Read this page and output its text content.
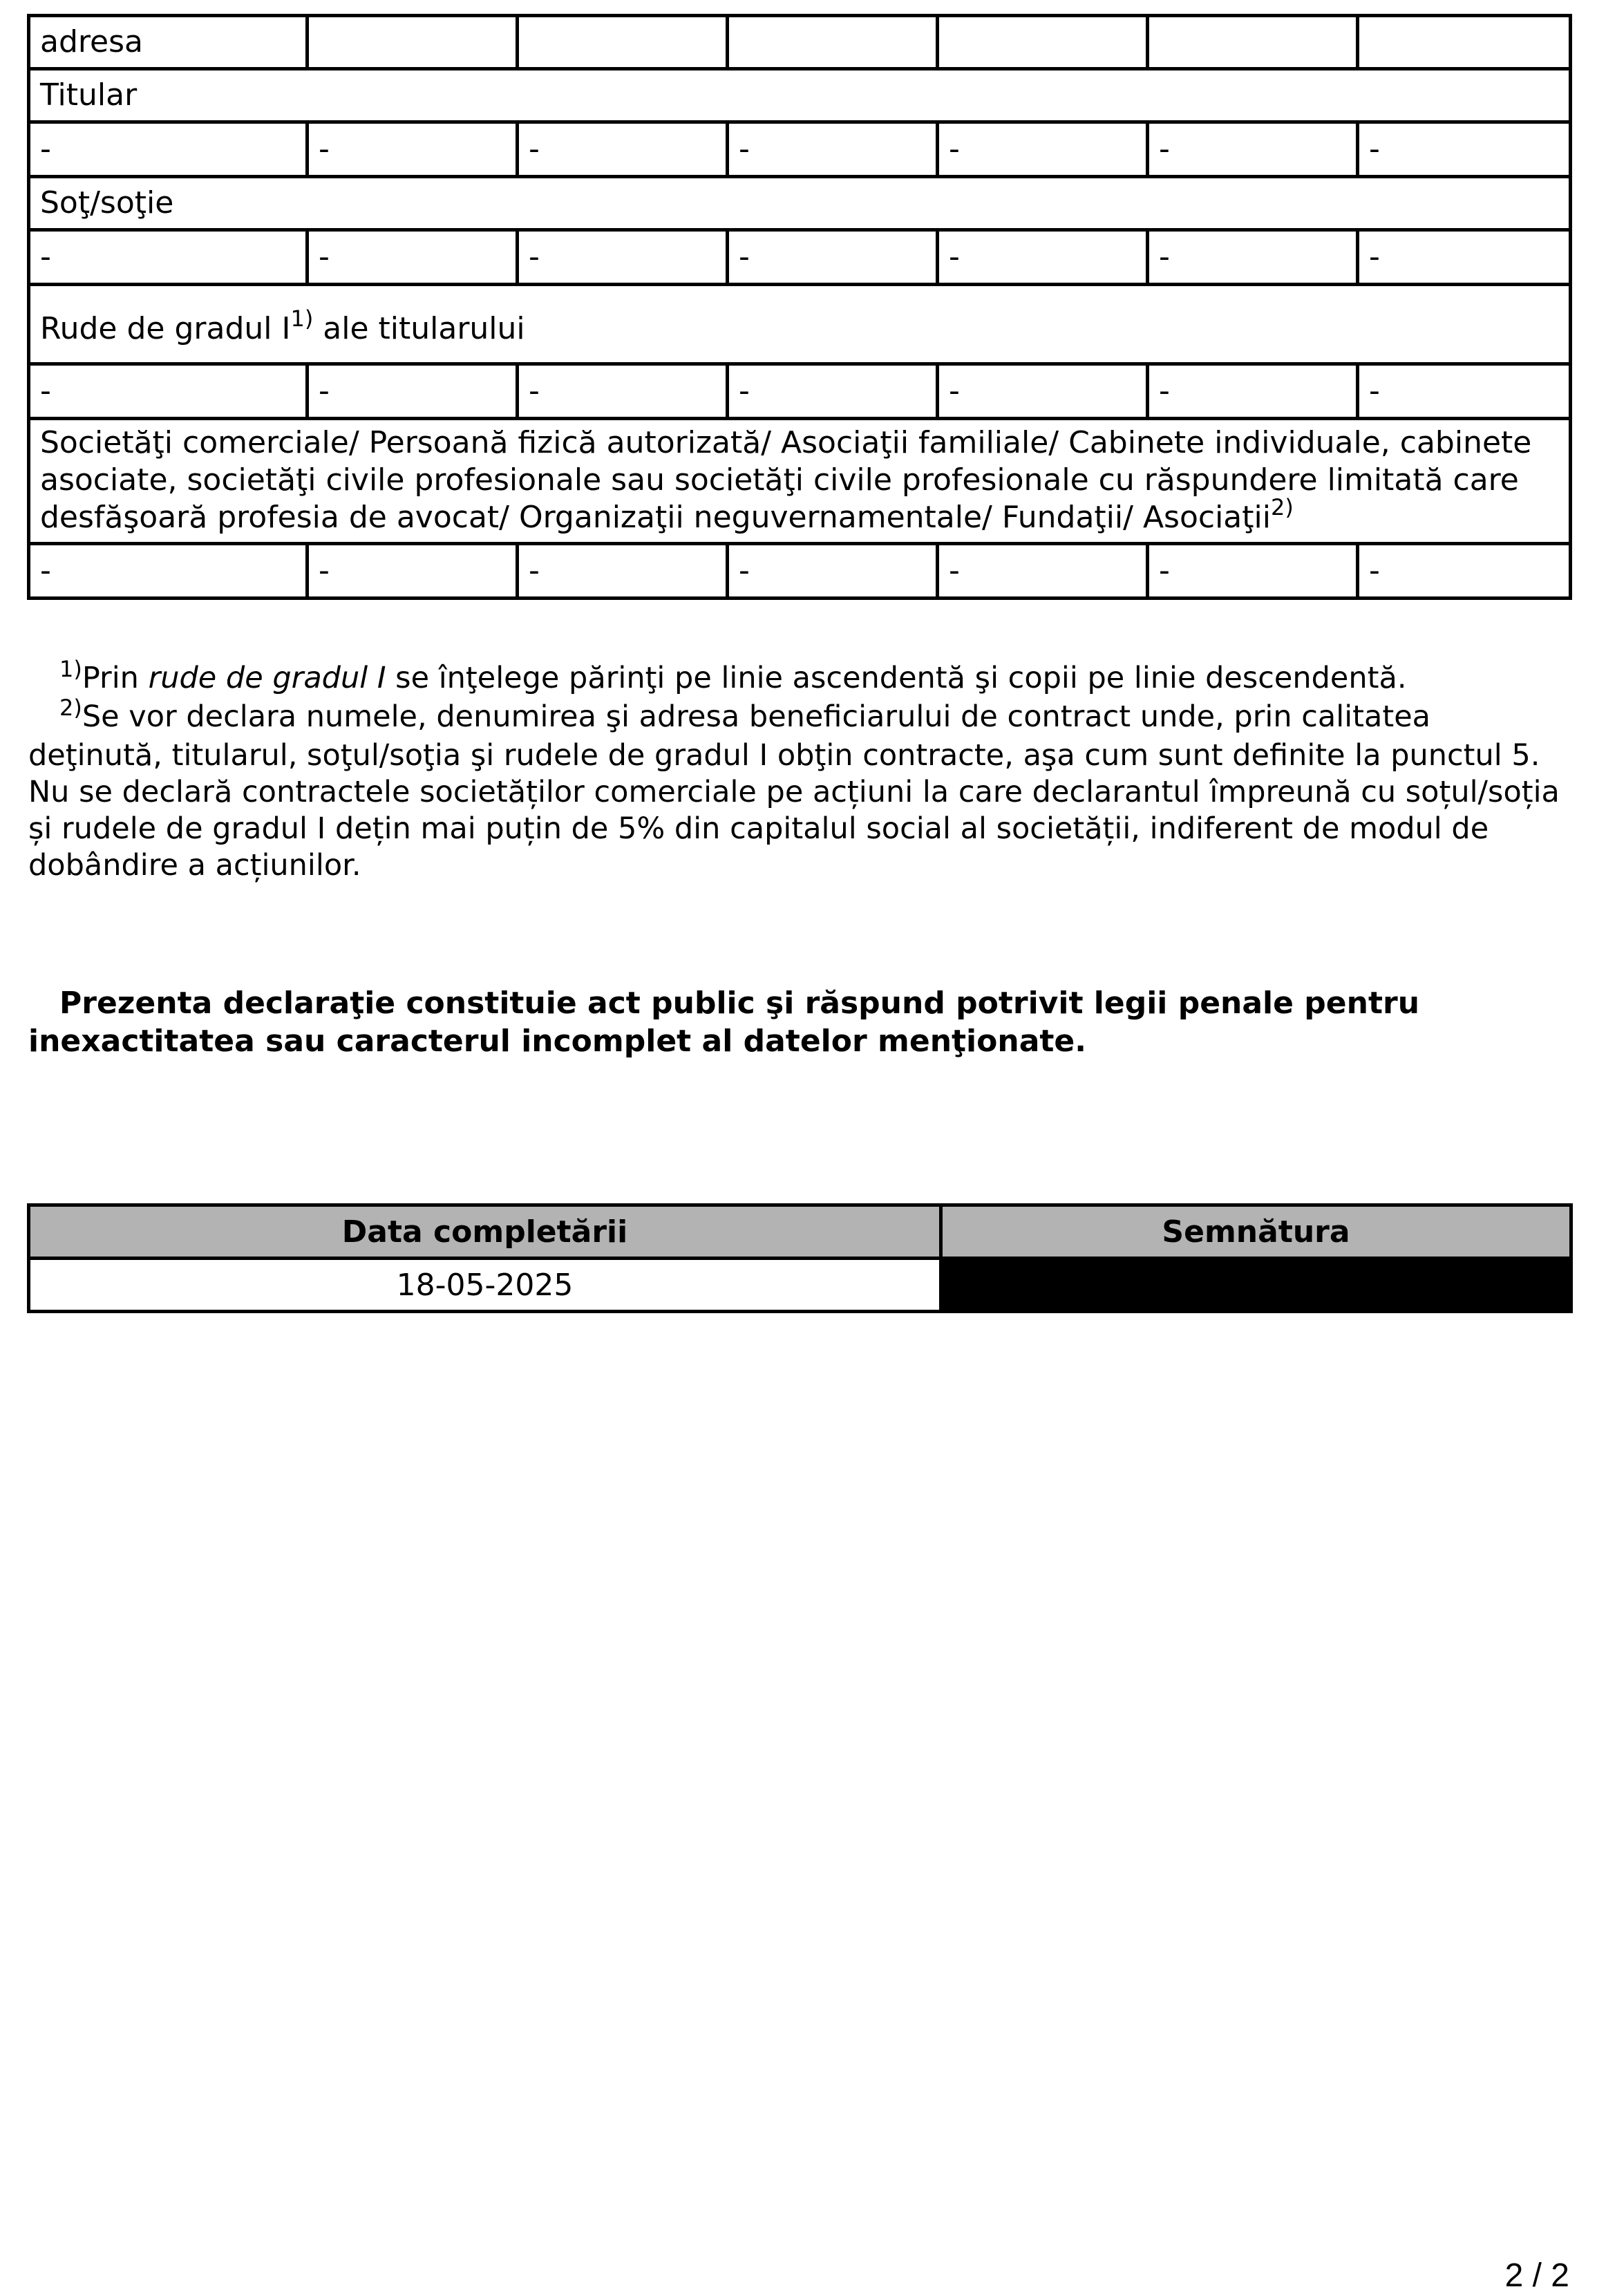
adresa						
Titular						
-	-	-	-	-	-	-
Soţ/soţie						
-	-	-	-	-	-	-
Rude de gradul $I^{1)}$ ale titularului						
-	-	-	-	-	-	-
Societăţi comerciale/ Persoană fizică autorizată/ Asociaţii familiale/ Cabinete individuale, cabinete asociate, societăţi civile profesionale sau societăţi civile profesionale cu răspundere limitată care desfăşoară profesia de avocat/ Organizaţii neguvernamentale/ Fundaţii/ Asociaţii$^{2)}$
-	-	-	-	-	-	-

$^{1)}$Prin rude de gradul I se înţelege părinţi pe linie ascendentă şi copii pe linie descendentă.

$^{2)}$Se vor declara numele, denumirea şi adresa beneficiarului de contract unde, prin calitatea deţinută, titularul, soţul/soţia şi rudele de gradul I obţin contracte, aşa cum sunt definite la punctul 5. Nu se declară contractele societăților comerciale pe acțiuni la care declarantul împreună cu soțul/soția și rudele de gradul I dețin mai puțin de 5% din capitalul social al societății, indiferent de modul de dobândire a acțiunilor.

Prezenta declaraţie constituie act public şi răspund potrivit legii penale pentru inexactitatea sau caracterul incomplet al datelor menţionate.
Data completării	Semnătura
18-05-2025	
2 / 2
